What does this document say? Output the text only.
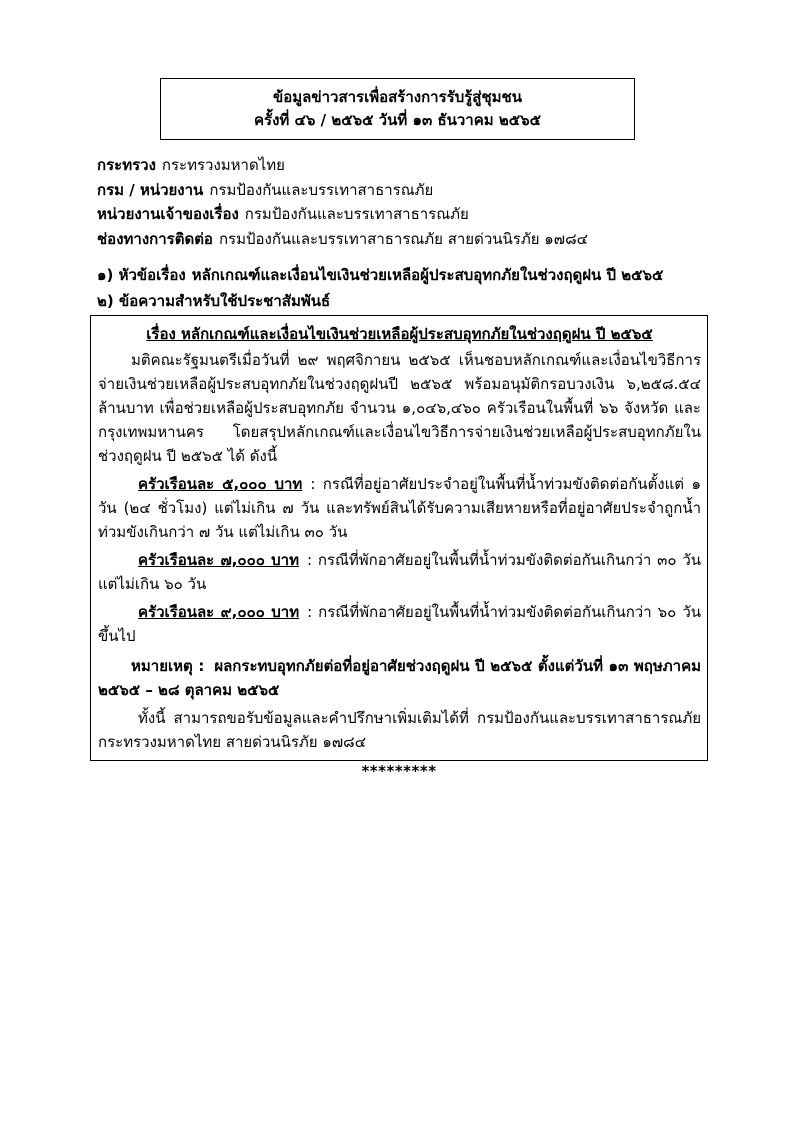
ข้อมูลข่าวสารเพื่อสร้างการรับรู้สู่ชุมชน
ครั้งที่ ๔๖ / ๒๕๖๕ วันที่ ๑๓ ธันวาคม ๒๕๖๕
กระทรวง กระทรวงมหาดไทย
กรม / หน่วยงาน กรมป้องกันและบรรเทาสาธารณภัย
หน่วยงานเจ้าของเรื่อง กรมป้องกันและบรรเทาสาธารณภัย
ช่องทางการติดต่อ กรมป้องกันและบรรเทาสาธารณภัย สายด่วนนิรภัย ๑๗๘๔
๑) หัวข้อเรื่อง หลักเกณฑ์และเงื่อนไขเงินช่วยเหลือผู้ประสบอุทกภัยในช่วงฤดูฝน ปี ๒๕๖๕
๒) ข้อความสำหรับใช้ประชาสัมพันธ์
เรื่อง หลักเกณฑ์และเงื่อนไขเงินช่วยเหลือผู้ประสบอุทกภัยในช่วงฤดูฝน ปี ๒๕๖๕

มติคณะรัฐมนตรีเมื่อวันที่ ๒๙ พฤศจิกายน ๒๕๖๕ เห็นชอบหลักเกณฑ์และเงื่อนไขวิธีการจ่ายเงินช่วยเหลือผู้ประสบอุทกภัยในช่วงฤดูฝนปี ๒๕๖๕ พร้อมอนุมัติกรอบวงเงิน ๖,๒๕๘.๕๔ ล้านบาท เพื่อช่วยเหลือผู้ประสบอุทกภัย จำนวน ๑,๐๔๖,๔๖๐ ครัวเรือนในพื้นที่ ๖๖ จังหวัด และกรุงเทพมหานคร โดยสรุปหลักเกณฑ์และเงื่อนไขวิธีการจ่ายเงินช่วยเหลือผู้ประสบอุทกภัยในช่วงฤดูฝน ปี ๒๕๖๕ ได้ ดังนี้

ครัวเรือนละ ๕,๐๐๐ บาท : กรณีที่อยู่อาศัยประจำอยู่ในพื้นที่น้ำท่วมขังติดต่อกันตั้งแต่ ๑ วัน (๒๔ ชั่วโมง) แต่ไม่เกิน ๗ วัน และทรัพย์สินได้รับความเสียหายหรือที่อยู่อาศัยประจำถูกน้ำท่วมขังเกินกว่า ๗ วัน แต่ไม่เกิน ๓๐ วัน

ครัวเรือนละ ๗,๐๐๐ บาท : กรณีที่พักอาศัยอยู่ในพื้นที่น้ำท่วมขังติดต่อกันเกินกว่า ๓๐ วัน แต่ไม่เกิน ๖๐ วัน

ครัวเรือนละ ๙,๐๐๐ บาท : กรณีที่พักอาศัยอยู่ในพื้นที่น้ำท่วมขังติดต่อกันเกินกว่า ๖๐ วัน ขึ้นไป

หมายเหตุ : ผลกระทบอุทกภัยต่อที่อยู่อาศัยช่วงฤดูฝน ปี ๒๕๖๕ ตั้งแต่วันที่ ๑๓ พฤษภาคม ๒๕๖๕ – ๒๘ ตุลาคม ๒๕๖๕

ทั้งนี้ สามารถขอรับข้อมูลและคำปรึกษาเพิ่มเติมได้ที่ กรมป้องกันและบรรเทาสาธารณภัย กระทรวงมหาดไทย สายด่วนนิรภัย ๑๗๘๔

*********
